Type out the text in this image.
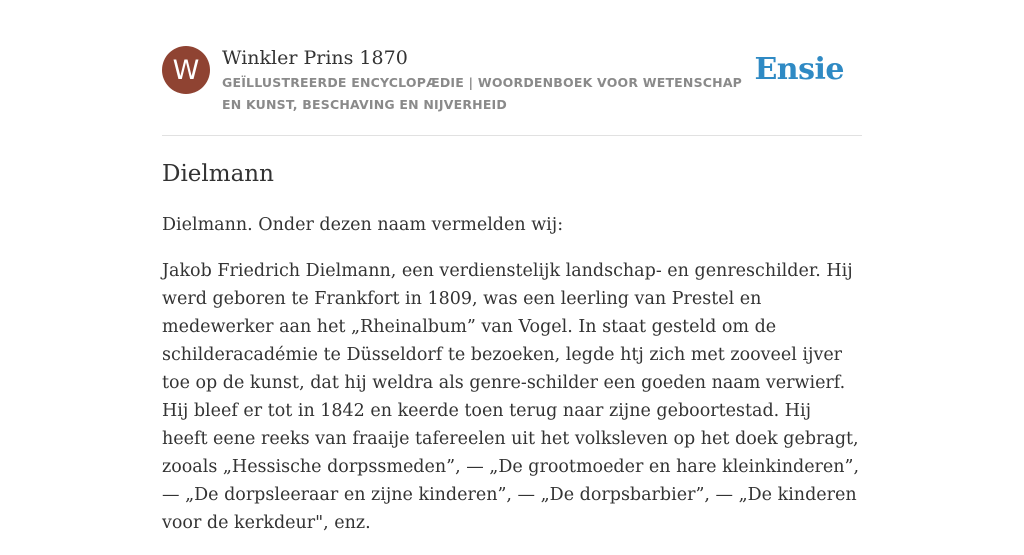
W	Winkler Prins 1870
GEÏLLUSTREERDE ENCYCLOPÆDIE | WOORDENBOEK VOOR WETENSCHAP EN KUNST, BESCHAVING EN NIJVERHEID
Ensie
Dielmann

Dielmann. Onder dezen naam vermelden wij:

Jakob Friedrich Dielmann, een verdienstelijk landschap- en genreschilder. Hij werd geboren te Frankfort in 1809, was een leerling van Prestel en medewerker aan het „Rheinalbum” van Vogel. In staat gesteld om de schilderacadémie te Düsseldorf te bezoeken, legde htj zich met zooveel ijver toe op de kunst, dat hij weldra als genre-schilder een goeden naam verwierf. Hij bleef er tot in 1842 en keerde toen terug naar zijne geboortestad. Hij heeft eene reeks van fraaije tafereelen uit het volksleven op het doek gebragt, zooals „Hessische dorpssmeden”, — „De grootmoeder en hare kleinkinderen”, — „De dorpsleeraar en zijne kinderen”, — „De dorpsbarbier”, — „De kinderen voor de kerkdeur", enz.
